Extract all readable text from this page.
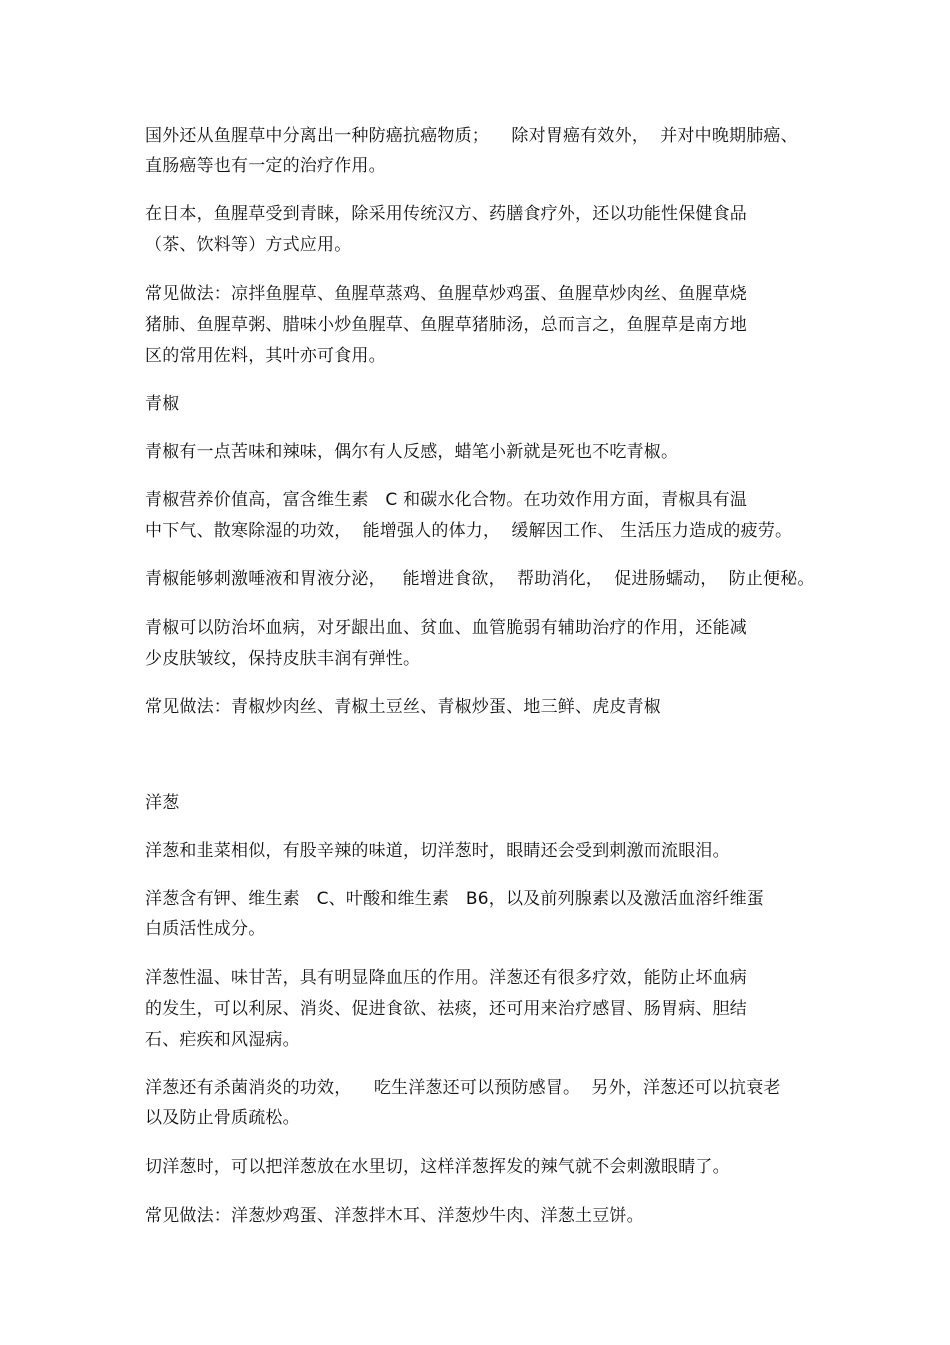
国外还从鱼腥草中分离出一种防癌抗癌物质；    除对胃癌有效外，  并对中晚期肺癌、

直肠癌等也有一定的治疗作用。

在日本，鱼腥草受到青睐，除采用传统汉方、药膳食疗外，还以功能性保健食品

（茶、饮料等）方式应用。

常见做法：凉拌鱼腥草、鱼腥草蒸鸡、鱼腥草炒鸡蛋、鱼腥草炒肉丝、鱼腥草烧

猪肺、鱼腥草粥、腊味小炒鱼腥草、鱼腥草猪肺汤，总而言之，鱼腥草是南方地

区的常用佐料，其叶亦可食用。

青椒

青椒有一点苦味和辣味，偶尔有人反感，蜡笔小新就是死也不吃青椒。

青椒营养价值高，富含维生素   C 和碳水化合物。在功效作用方面，青椒具有温

中下气、散寒除湿的功效，  能增强人的体力，  缓解因工作、 生活压力造成的疲劳。

青椒能够刺激唾液和胃液分泌，   能增进食欲，  帮助消化，  促进肠蠕动，  防止便秘。

青椒可以防治坏血病，对牙龈出血、贫血、血管脆弱有辅助治疗的作用，还能减

少皮肤皱纹，保持皮肤丰润有弹性。

常见做法：青椒炒肉丝、青椒土豆丝、青椒炒蛋、地三鲜、虎皮青椒

洋葱

洋葱和韭菜相似，有股辛辣的味道，切洋葱时，眼睛还会受到刺激而流眼泪。

洋葱含有钾、维生素   C、叶酸和维生素   B6，以及前列腺素以及激活血溶纤维蛋

白质活性成分。

洋葱性温、味甘苦，具有明显降血压的作用。洋葱还有很多疗效，能防止坏血病

的发生，可以利尿、消炎、促进食欲、祛痰，还可用来治疗感冒、肠胃病、胆结

石、疟疾和风湿病。

洋葱还有杀菌消炎的功效，    吃生洋葱还可以预防感冒。  另外，洋葱还可以抗衰老

以及防止骨质疏松。

切洋葱时，可以把洋葱放在水里切，这样洋葱挥发的辣气就不会刺激眼睛了。

常见做法：洋葱炒鸡蛋、洋葱拌木耳、洋葱炒牛肉、洋葱土豆饼。
